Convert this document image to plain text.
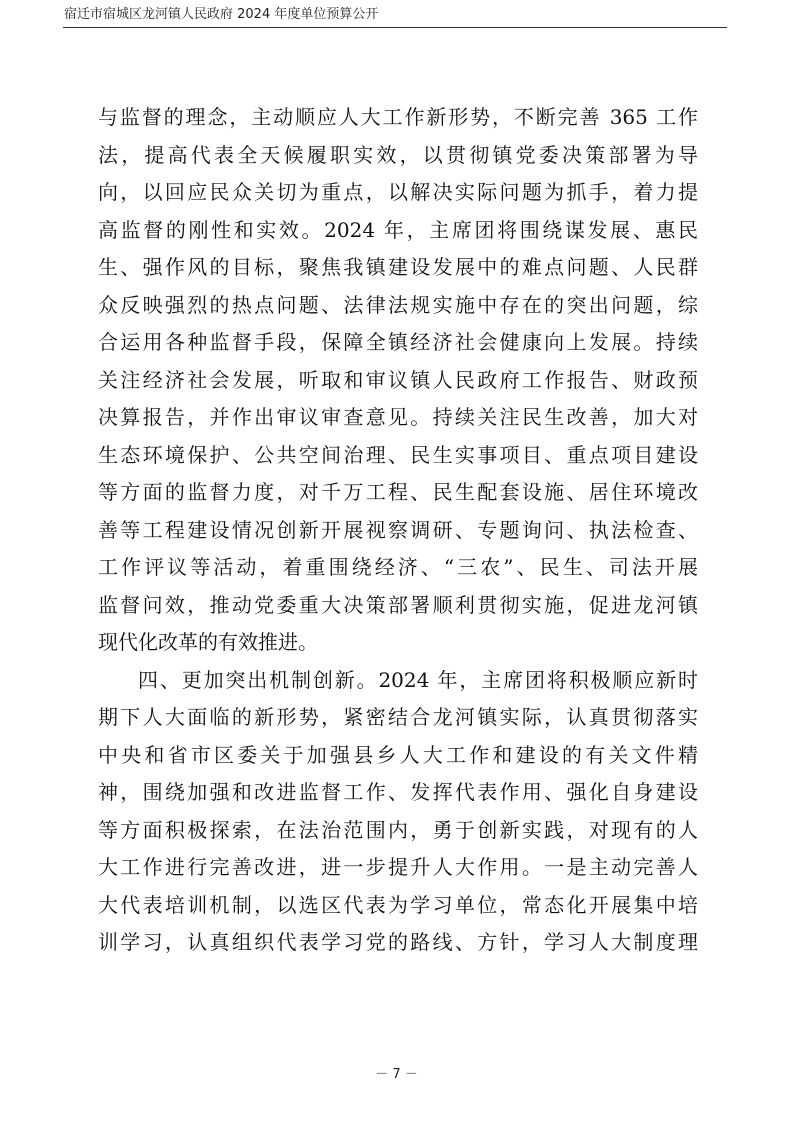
宿迁市宿城区龙河镇人民政府 2024 年度单位预算公开
与监督的理念，主动顺应人大工作新形势，不断完善 365 工作
法，提高代表全天候履职实效，以贯彻镇党委决策部署为导
向，以回应民众关切为重点，以解决实际问题为抓手，着力提
高监督的刚性和实效。2024 年，主席团将围绕谋发展、惠民
生、强作风的目标，聚焦我镇建设发展中的难点问题、人民群
众反映强烈的热点问题、法律法规实施中存在的突出问题，综
合运用各种监督手段，保障全镇经济社会健康向上发展。持续
关注经济社会发展，听取和审议镇人民政府工作报告、财政预
决算报告，并作出审议审查意见。持续关注民生改善，加大对
生态环境保护、公共空间治理、民生实事项目、重点项目建设
等方面的监督力度，对千万工程、民生配套设施、居住环境改
善等工程建设情况创新开展视察调研、专题询问、执法检查、
工作评议等活动，着重围绕经济、“三农”、民生、司法开展
监督问效，推动党委重大决策部署顺利贯彻实施，促进龙河镇
现代化改革的有效推进。
四、更加突出机制创新。2024 年，主席团将积极顺应新时
期下人大面临的新形势，紧密结合龙河镇实际，认真贯彻落实
中央和省市区委关于加强县乡人大工作和建设的有关文件精
神，围绕加强和改进监督工作、发挥代表作用、强化自身建设
等方面积极探索，在法治范围内，勇于创新实践，对现有的人
大工作进行完善改进，进一步提升人大作用。一是主动完善人
大代表培训机制，以选区代表为学习单位，常态化开展集中培
训学习，认真组织代表学习党的路线、方针，学习人大制度理
－ 7 －
